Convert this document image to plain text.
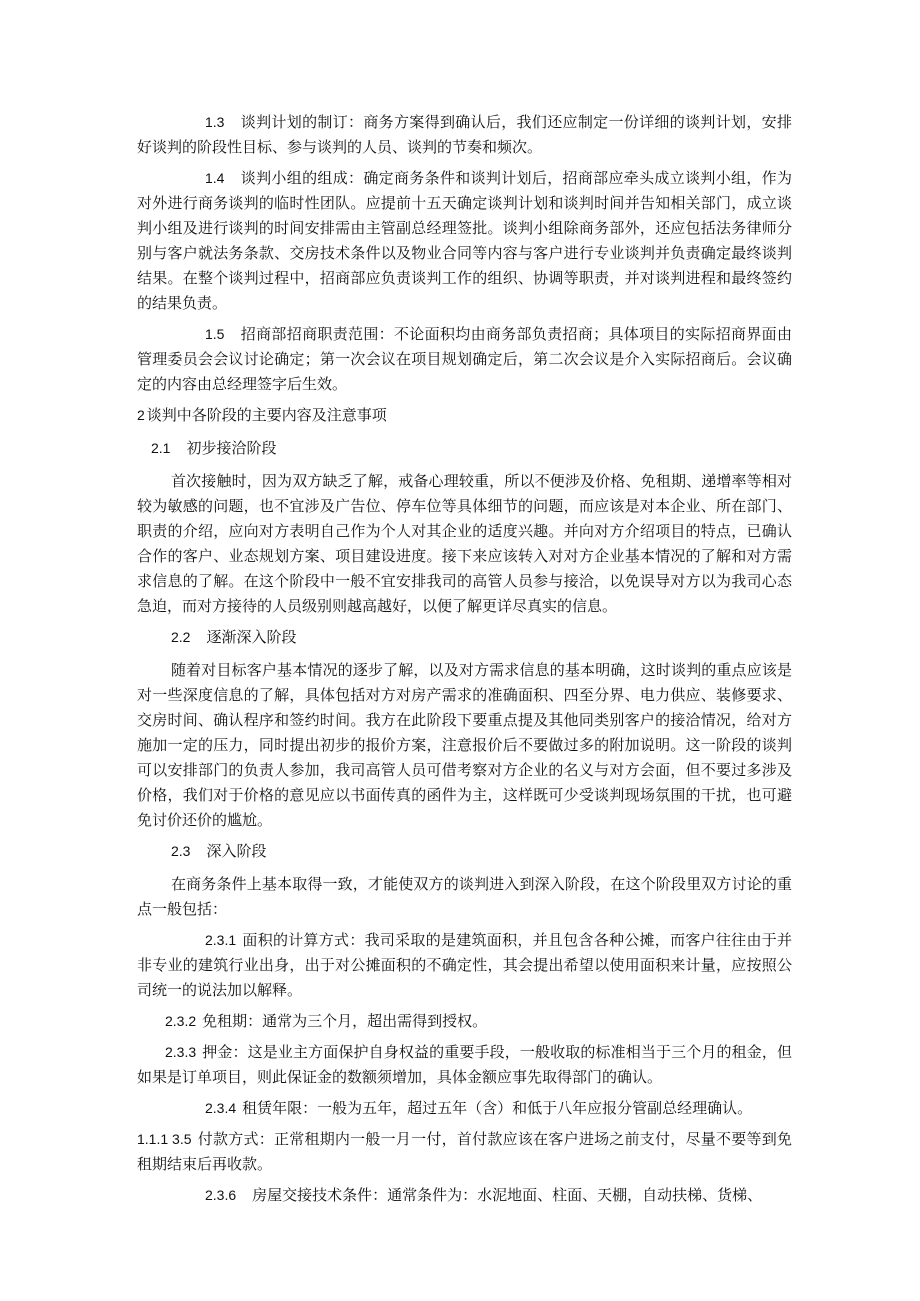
1.3 谈判计划的制订：商务方案得到确认后，我们还应制定一份详细的谈判计划，安排好谈判的阶段性目标、参与谈判的人员、谈判的节奏和频次。

1.4 谈判小组的组成：确定商务条件和谈判计划后，招商部应牵头成立谈判小组，作为对外进行商务谈判的临时性团队。应提前十五天确定谈判计划和谈判时间并告知相关部门，成立谈判小组及进行谈判的时间安排需由主管副总经理签批。谈判小组除商务部外，还应包括法务律师分别与客户就法务条款、交房技术条件以及物业合同等内容与客户进行专业谈判并负责确定最终谈判结果。在整个谈判过程中，招商部应负责谈判工作的组织、协调等职责，并对谈判进程和最终签约的结果负责。

1.5 招商部招商职责范围：不论面积均由商务部负责招商；具体项目的实际招商界面由管理委员会会议讨论确定；第一次会议在项目规划确定后，第二次会议是介入实际招商后。会议确定的内容由总经理签字后生效。

2 谈判中各阶段的主要内容及注意事项

2.1 初步接洽阶段

首次接触时，因为双方缺乏了解，戒备心理较重，所以不便涉及价格、免租期、递增率等相对较为敏感的问题，也不宜涉及广告位、停车位等具体细节的问题，而应该是对本企业、所在部门、职责的介绍，应向对方表明自己作为个人对其企业的适度兴趣。并向对方介绍项目的特点，已确认合作的客户、业态规划方案、项目建设进度。接下来应该转入对对方企业基本情况的了解和对方需求信息的了解。在这个阶段中一般不宜安排我司的高管人员参与接洽，以免误导对方以为我司心态急迫，而对方接待的人员级别则越高越好，以便了解更详尽真实的信息。

2.2 逐渐深入阶段

随着对目标客户基本情况的逐步了解，以及对方需求信息的基本明确，这时谈判的重点应该是对一些深度信息的了解，具体包括对方对房产需求的准确面积、四至分界、电力供应、装修要求、交房时间、确认程序和签约时间。我方在此阶段下要重点提及其他同类别客户的接洽情况，给对方施加一定的压力，同时提出初步的报价方案，注意报价后不要做过多的附加说明。这一阶段的谈判可以安排部门的负责人参加，我司高管人员可借考察对方企业的名义与对方会面，但不要过多涉及价格，我们对于价格的意见应以书面传真的函件为主，这样既可少受谈判现场氛围的干扰，也可避免讨价还价的尴尬。

2.3 深入阶段

在商务条件上基本取得一致，才能使双方的谈判进入到深入阶段，在这个阶段里双方讨论的重点一般包括：

2.3.1 面积的计算方式：我司采取的是建筑面积，并且包含各种公摊，而客户往往由于并非专业的建筑行业出身，出于对公摊面积的不确定性，其会提出希望以使用面积来计量，应按照公司统一的说法加以解释。

2.3.2 免租期：通常为三个月，超出需得到授权。

2.3.3 押金：这是业主方面保护自身权益的重要手段，一般收取的标准相当于三个月的租金，但如果是订单项目，则此保证金的数额须增加，具体金额应事先取得部门的确认。

2.3.4 租赁年限：一般为五年，超过五年（含）和低于八年应报分管副总经理确认。

1.1.1 3.5 付款方式：正常租期内一般一月一付，首付款应该在客户进场之前支付，尽量不要等到免租期结束后再收款。

2.3.6 房屋交接技术条件：通常条件为：水泥地面、柱面、天棚，自动扶梯、货梯、
